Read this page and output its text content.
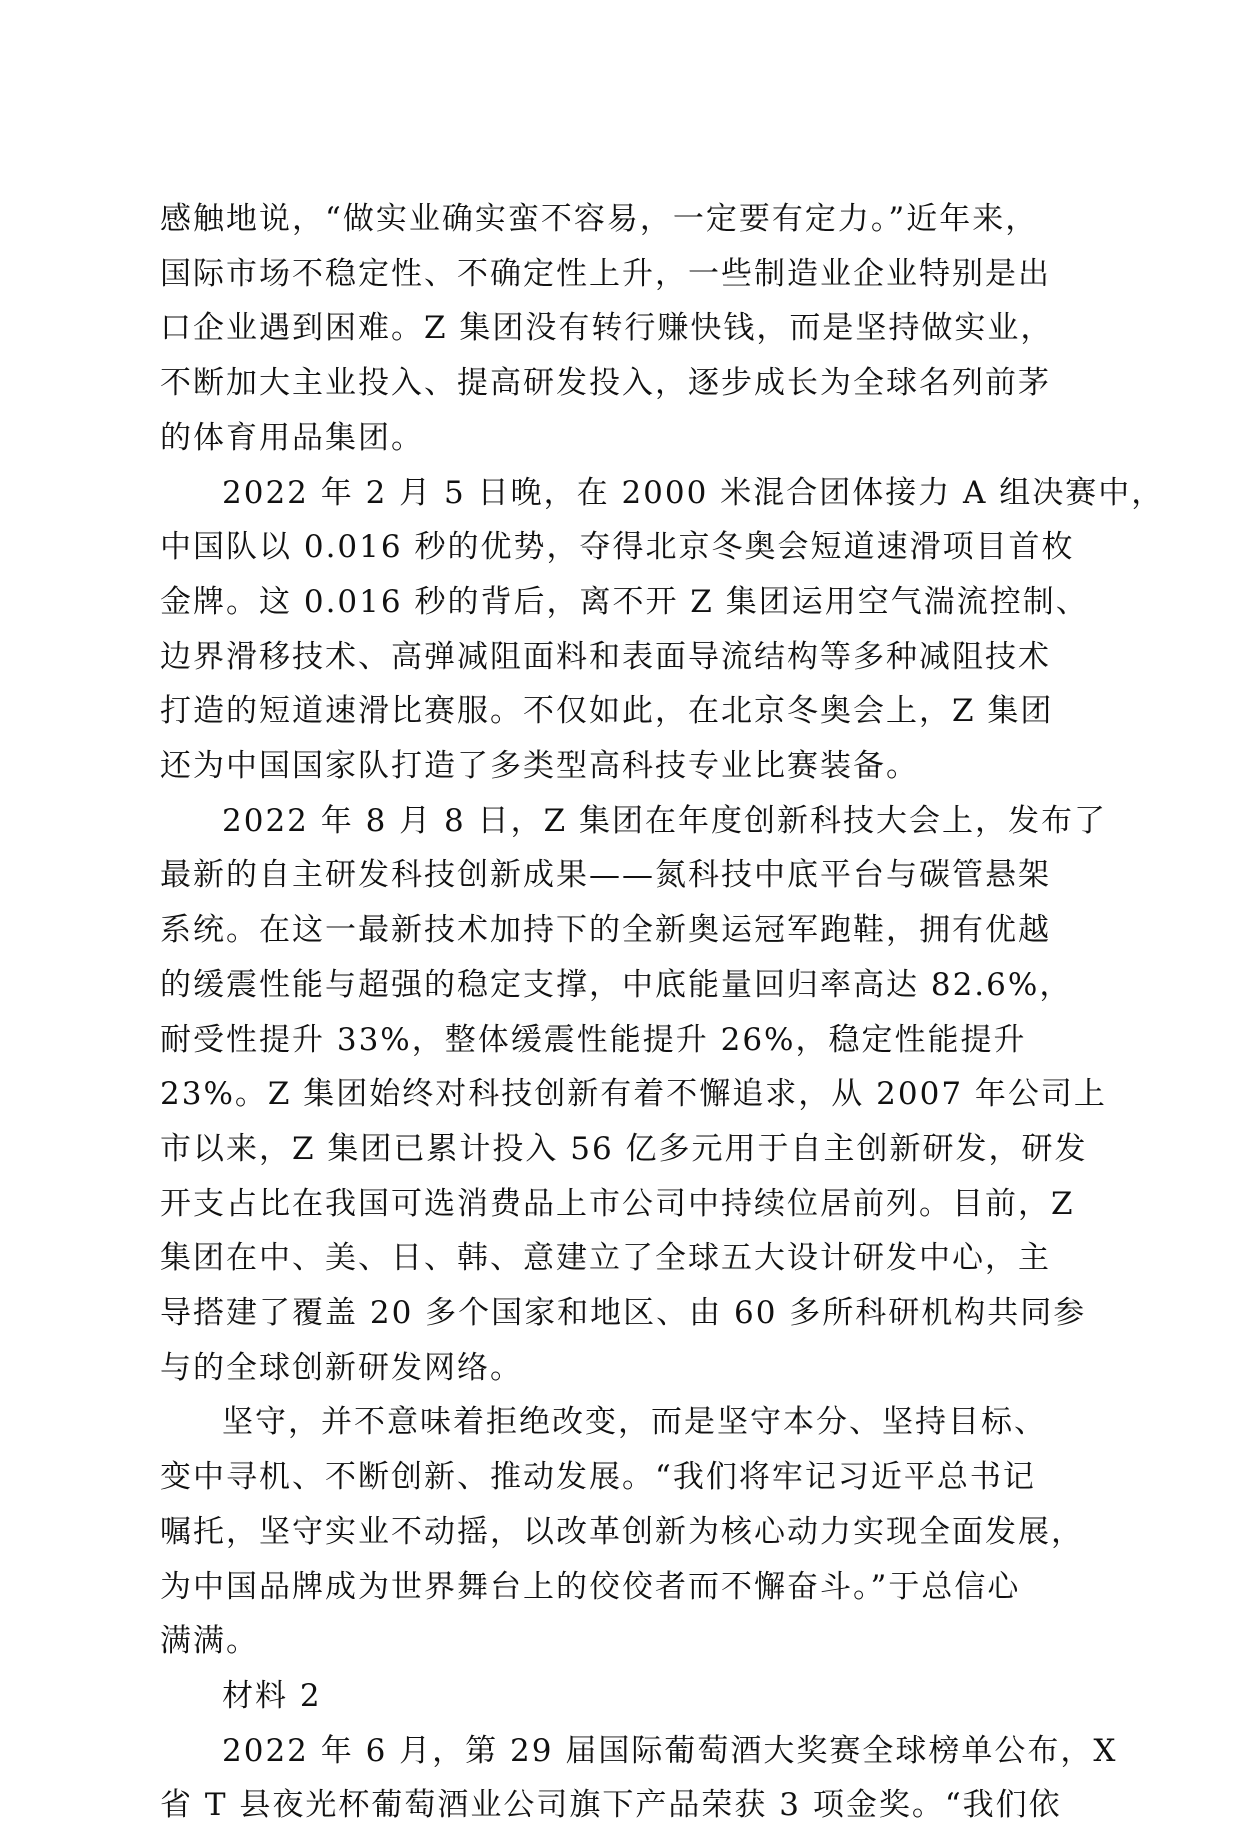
感触地说，“做实业确实蛮不容易，一定要有定力。”近年来，
国际市场不稳定性、不确定性上升，一些制造业企业特别是出
口企业遇到困难。Z 集团没有转行赚快钱，而是坚持做实业，
不断加大主业投入、提高研发投入，逐步成长为全球名列前茅
的体育用品集团。
2022 年 2 月 5 日晚，在 2000 米混合团体接力 A 组决赛中，
中国队以 0.016 秒的优势，夺得北京冬奥会短道速滑项目首枚
金牌。这 0.016 秒的背后，离不开 Z 集团运用空气湍流控制、
边界滑移技术、高弹减阻面料和表面导流结构等多种减阻技术
打造的短道速滑比赛服。不仅如此，在北京冬奥会上，Z 集团
还为中国国家队打造了多类型高科技专业比赛装备。
2022 年 8 月 8 日，Z 集团在年度创新科技大会上，发布了
最新的自主研发科技创新成果——氮科技中底平台与碳管悬架
系统。在这一最新技术加持下的全新奥运冠军跑鞋，拥有优越
的缓震性能与超强的稳定支撑，中底能量回归率高达 82.6%，
耐受性提升 33%，整体缓震性能提升 26%，稳定性能提升
23%。Z 集团始终对科技创新有着不懈追求，从 2007 年公司上
市以来，Z 集团已累计投入 56 亿多元用于自主创新研发，研发
开支占比在我国可选消费品上市公司中持续位居前列。目前，Z
集团在中、美、日、韩、意建立了全球五大设计研发中心，主
导搭建了覆盖 20 多个国家和地区、由 60 多所科研机构共同参
与的全球创新研发网络。
坚守，并不意味着拒绝改变，而是坚守本分、坚持目标、
变中寻机、不断创新、推动发展。“我们将牢记习近平总书记
嘱托，坚守实业不动摇，以改革创新为核心动力实现全面发展，
为中国品牌成为世界舞台上的佼佼者而不懈奋斗。”于总信心
满满。
材料 2
2022 年 6 月，第 29 届国际葡萄酒大奖赛全球榜单公布，X
省 T 县夜光杯葡萄酒业公司旗下产品荣获 3 项金奖。“我们依
